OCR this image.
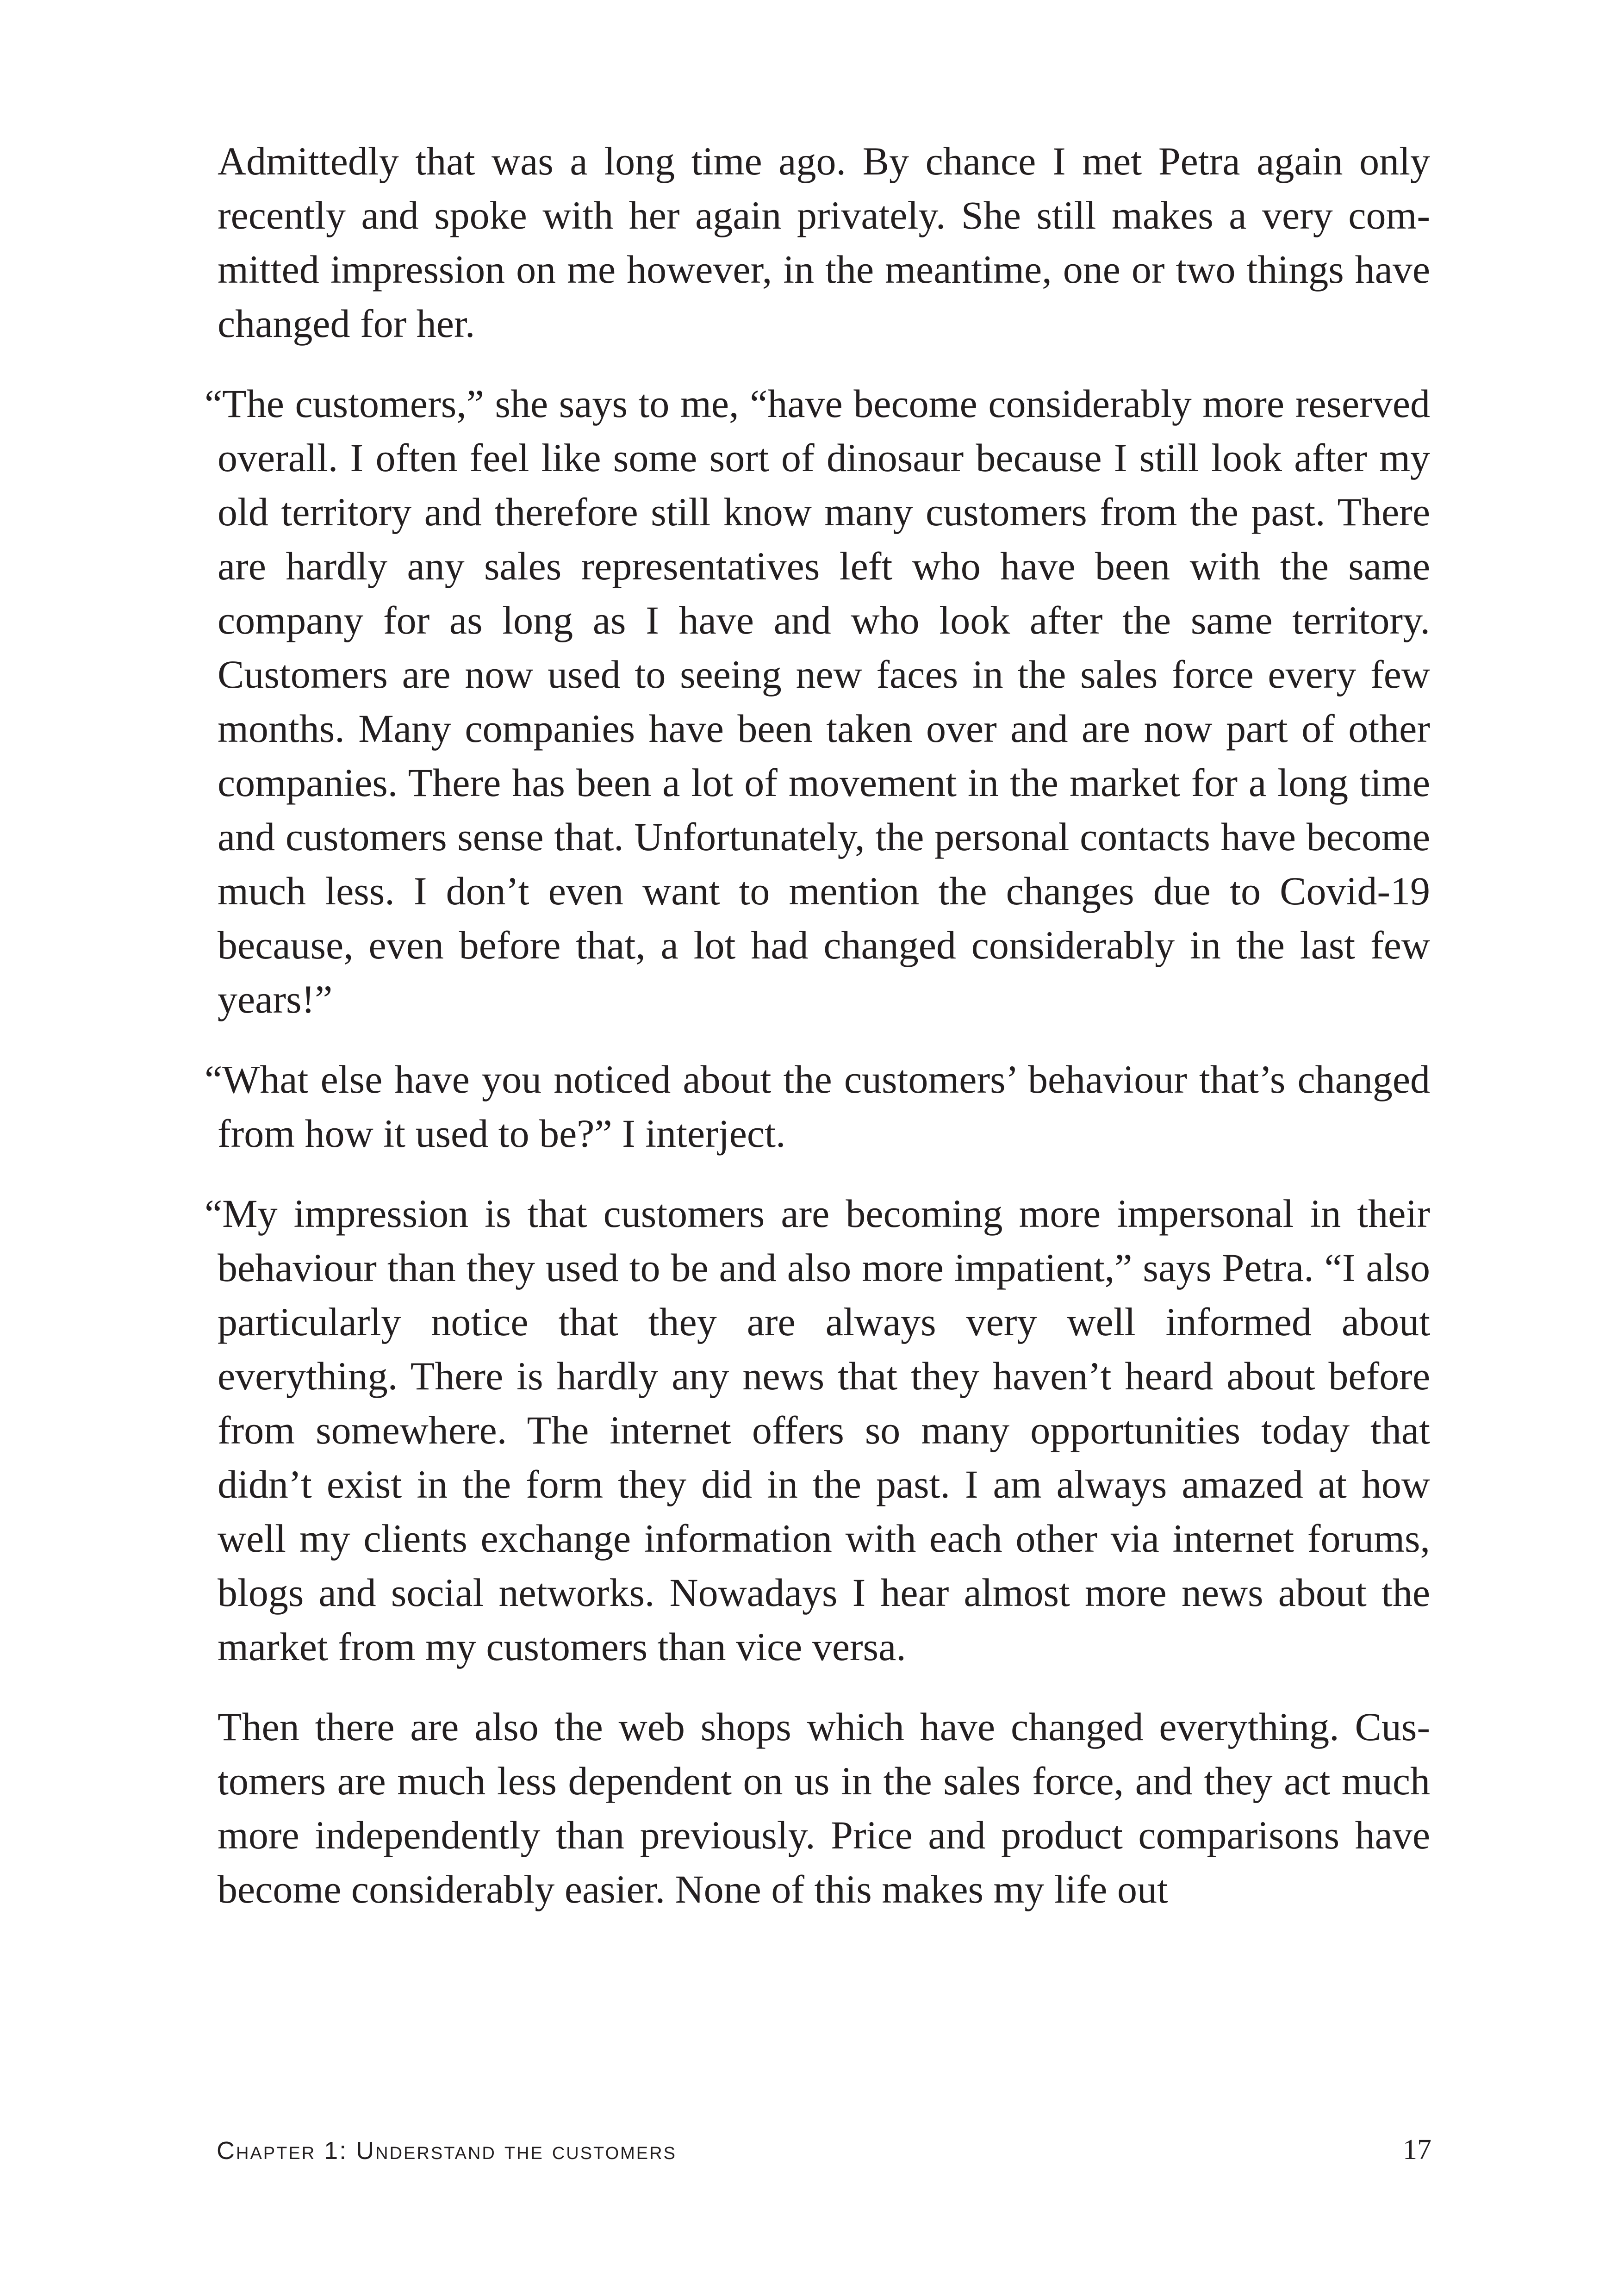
Admittedly that was a long time ago. By chance I met Petra again only recently and spoke with her again privately. She still makes a very committed impression on me however, in the meantime, one or two things have changed for her.

“The customers,” she says to me, “have become considerably more reserved overall. I often feel like some sort of dinosaur because I still look after my old territory and therefore still know many customers from the past. There are hardly any sales representatives left who have been with the same company for as long as I have and who look after the same territory. Customers are now used to seeing new faces in the sales force every few months. Many companies have been taken over and are now part of other companies. There has been a lot of movement in the market for a long time and customers sense that. Unfortunately, the personal contacts have become much less. I don’t even want to mention the changes due to Covid-19 because, even before that, a lot had changed considerably in the last few years!”

“What else have you noticed about the customers’ behaviour that’s changed from how it used to be?” I interject.

“My impression is that customers are becoming more impersonal in their behaviour than they used to be and also more impatient,” says Petra. “I also particularly notice that they are always very well informed about everything. There is hardly any news that they haven’t heard about before from somewhere. The internet offers so many opportunities today that didn’t exist in the form they did in the past. I am always amazed at how well my clients exchange information with each other via internet forums, blogs and social networks. Nowadays I hear almost more news about the market from my customers than vice versa.

Then there are also the web shops which have changed everything. Customers are much less dependent on us in the sales force, and they act much more independently than previously. Price and product comparisons have become considerably easier. None of this makes my life out

Chapter 1: Understand the customers	17
